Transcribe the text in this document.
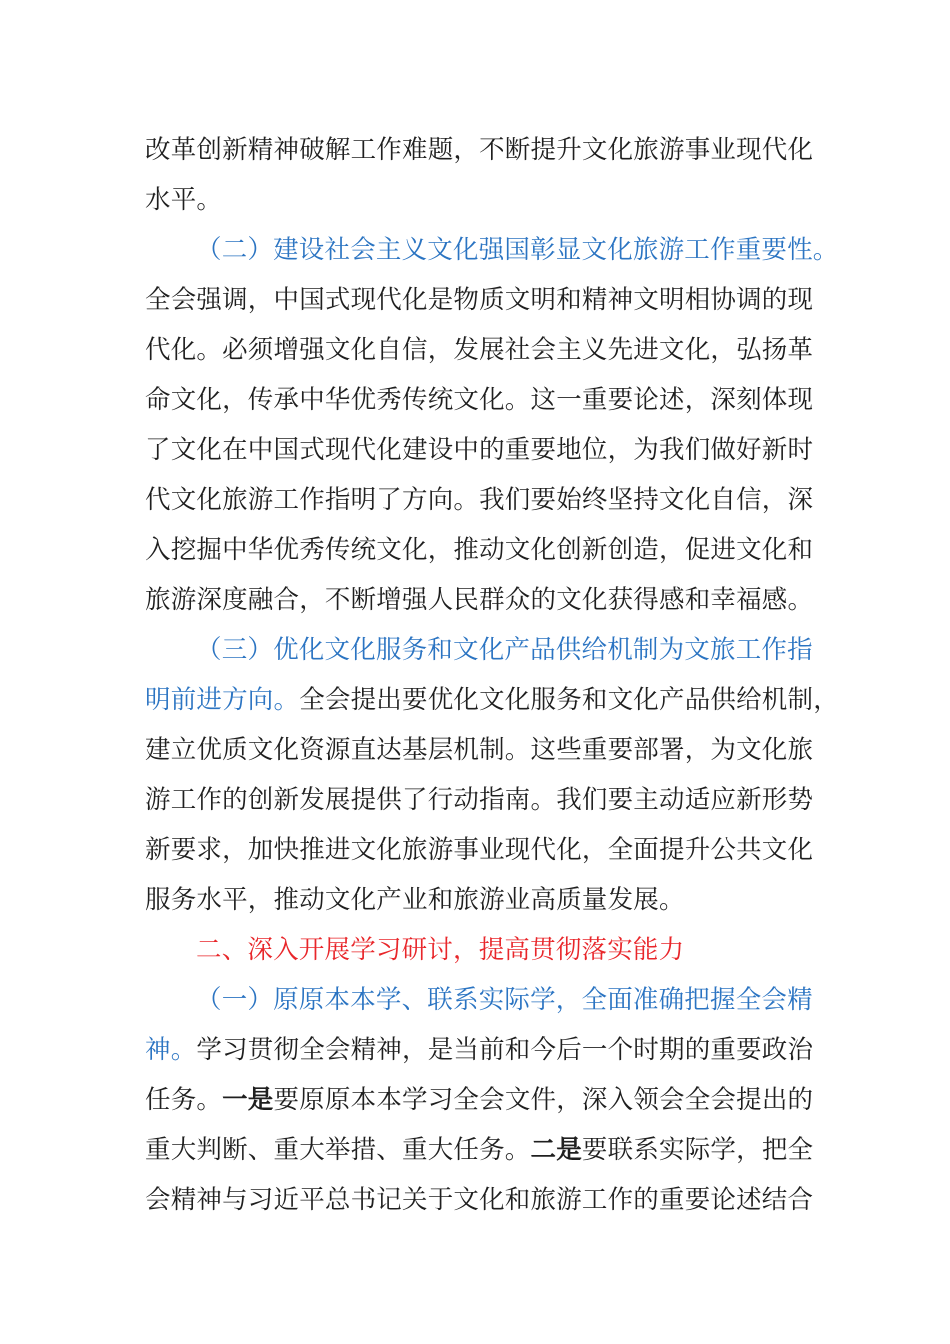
改革创新精神破解工作难题，不断提升文化旅游事业现代化
水平。
（二）建设社会主义文化强国彰显文化旅游工作重要性。
全会强调，中国式现代化是物质文明和精神文明相协调的现
代化。必须增强文化自信，发展社会主义先进文化，弘扬革
命文化，传承中华优秀传统文化。这一重要论述，深刻体现
了文化在中国式现代化建设中的重要地位，为我们做好新时
代文化旅游工作指明了方向。我们要始终坚持文化自信，深
入挖掘中华优秀传统文化，推动文化创新创造，促进文化和
旅游深度融合，不断增强人民群众的文化获得感和幸福感。
（三）优化文化服务和文化产品供给机制为文旅工作指
明前进方向。全会提出要优化文化服务和文化产品供给机制，
建立优质文化资源直达基层机制。这些重要部署，为文化旅
游工作的创新发展提供了行动指南。我们要主动适应新形势
新要求，加快推进文化旅游事业现代化，全面提升公共文化
服务水平，推动文化产业和旅游业高质量发展。
二、深入开展学习研讨，提高贯彻落实能力
（一）原原本本学、联系实际学，全面准确把握全会精
神。学习贯彻全会精神，是当前和今后一个时期的重要政治
任务。一是要原原本本学习全会文件，深入领会全会提出的
重大判断、重大举措、重大任务。二是要联系实际学，把全
会精神与习近平总书记关于文化和旅游工作的重要论述结合
